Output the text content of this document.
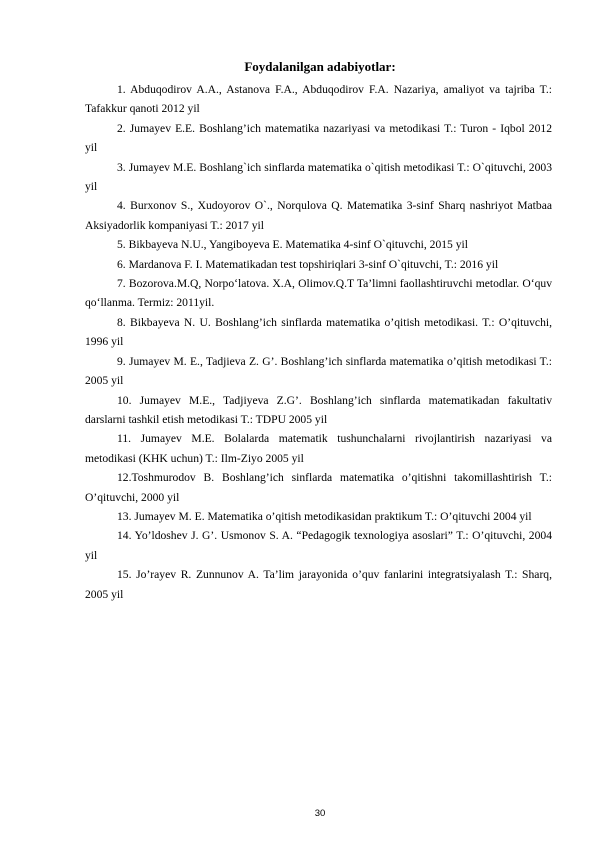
Foydalanilgan adabiyotlar:

1. Abduqodirov A.A., Astanova F.A., Abduqodirov F.A. Nazariya, amaliyot va tajriba T.: Tafakkur qanoti 2012 yil

2. Jumayev E.E. Boshlang’ich matematika nazariyasi va metodikasi T.: Turon - Iqbol 2012 yil

3. Jumayev M.E. Boshlang`ich sinflarda matematika o`qitish metodikasi T.: O`qituvchi, 2003 yil

4. Burxonov S., Xudoyorov O`., Norqulova Q. Matematika 3-sinf Sharq nashriyot Matbaa Aksiyadorlik kompaniyasi T.: 2017 yil

5. Bikbayeva N.U., Yangiboyeva E. Matematika 4-sinf O`qituvchi, 2015 yil

6. Mardanova F. I. Matematikadan test topshiriqlari 3-sinf O`qituvchi, T.: 2016 yil

7. Bozorova.M.Q, Norpo‘latova. X.A, Olimov.Q.T Ta’limni faollashtiruvchi metodlar. O‘quv qo‘llanma. Termiz: 2011yil.

8. Bikbayeva N. U. Boshlang’ich sinflarda matematika o’qitish metodikasi. T.: O’qituvchi, 1996 yil

9. Jumayev M. E., Tadjieva Z. G’. Boshlang’ich sinflarda matematika o’qitish metodikasi T.: 2005 yil

10. Jumayev M.E., Tadjiyeva Z.G’. Boshlang’ich sinflarda matematikadan fakultativ darslarni tashkil etish metodikasi T.: TDPU 2005 yil

11. Jumayev M.E. Bolalarda matematik tushunchalarni rivojlantirish nazariyasi va metodikasi (KHK uchun) T.: Ilm-Ziyo 2005 yil

12.Toshmurodov B. Boshlang’ich sinflarda matematika o’qitishni takomillashtirish T.: O’qituvchi, 2000 yil

13. Jumayev M. E. Matematika o’qitish metodikasidan praktikum T.: O’qituvchi 2004 yil

14. Yo’ldoshev J. G’. Usmonov S. A. “Pedagogik texnologiya asoslari” T.: O’qituvchi, 2004 yil

15. Jo’rayev R. Zunnunov A. Ta’lim jarayonida o’quv fanlarini integratsiyalash T.: Sharq, 2005 yil

30
